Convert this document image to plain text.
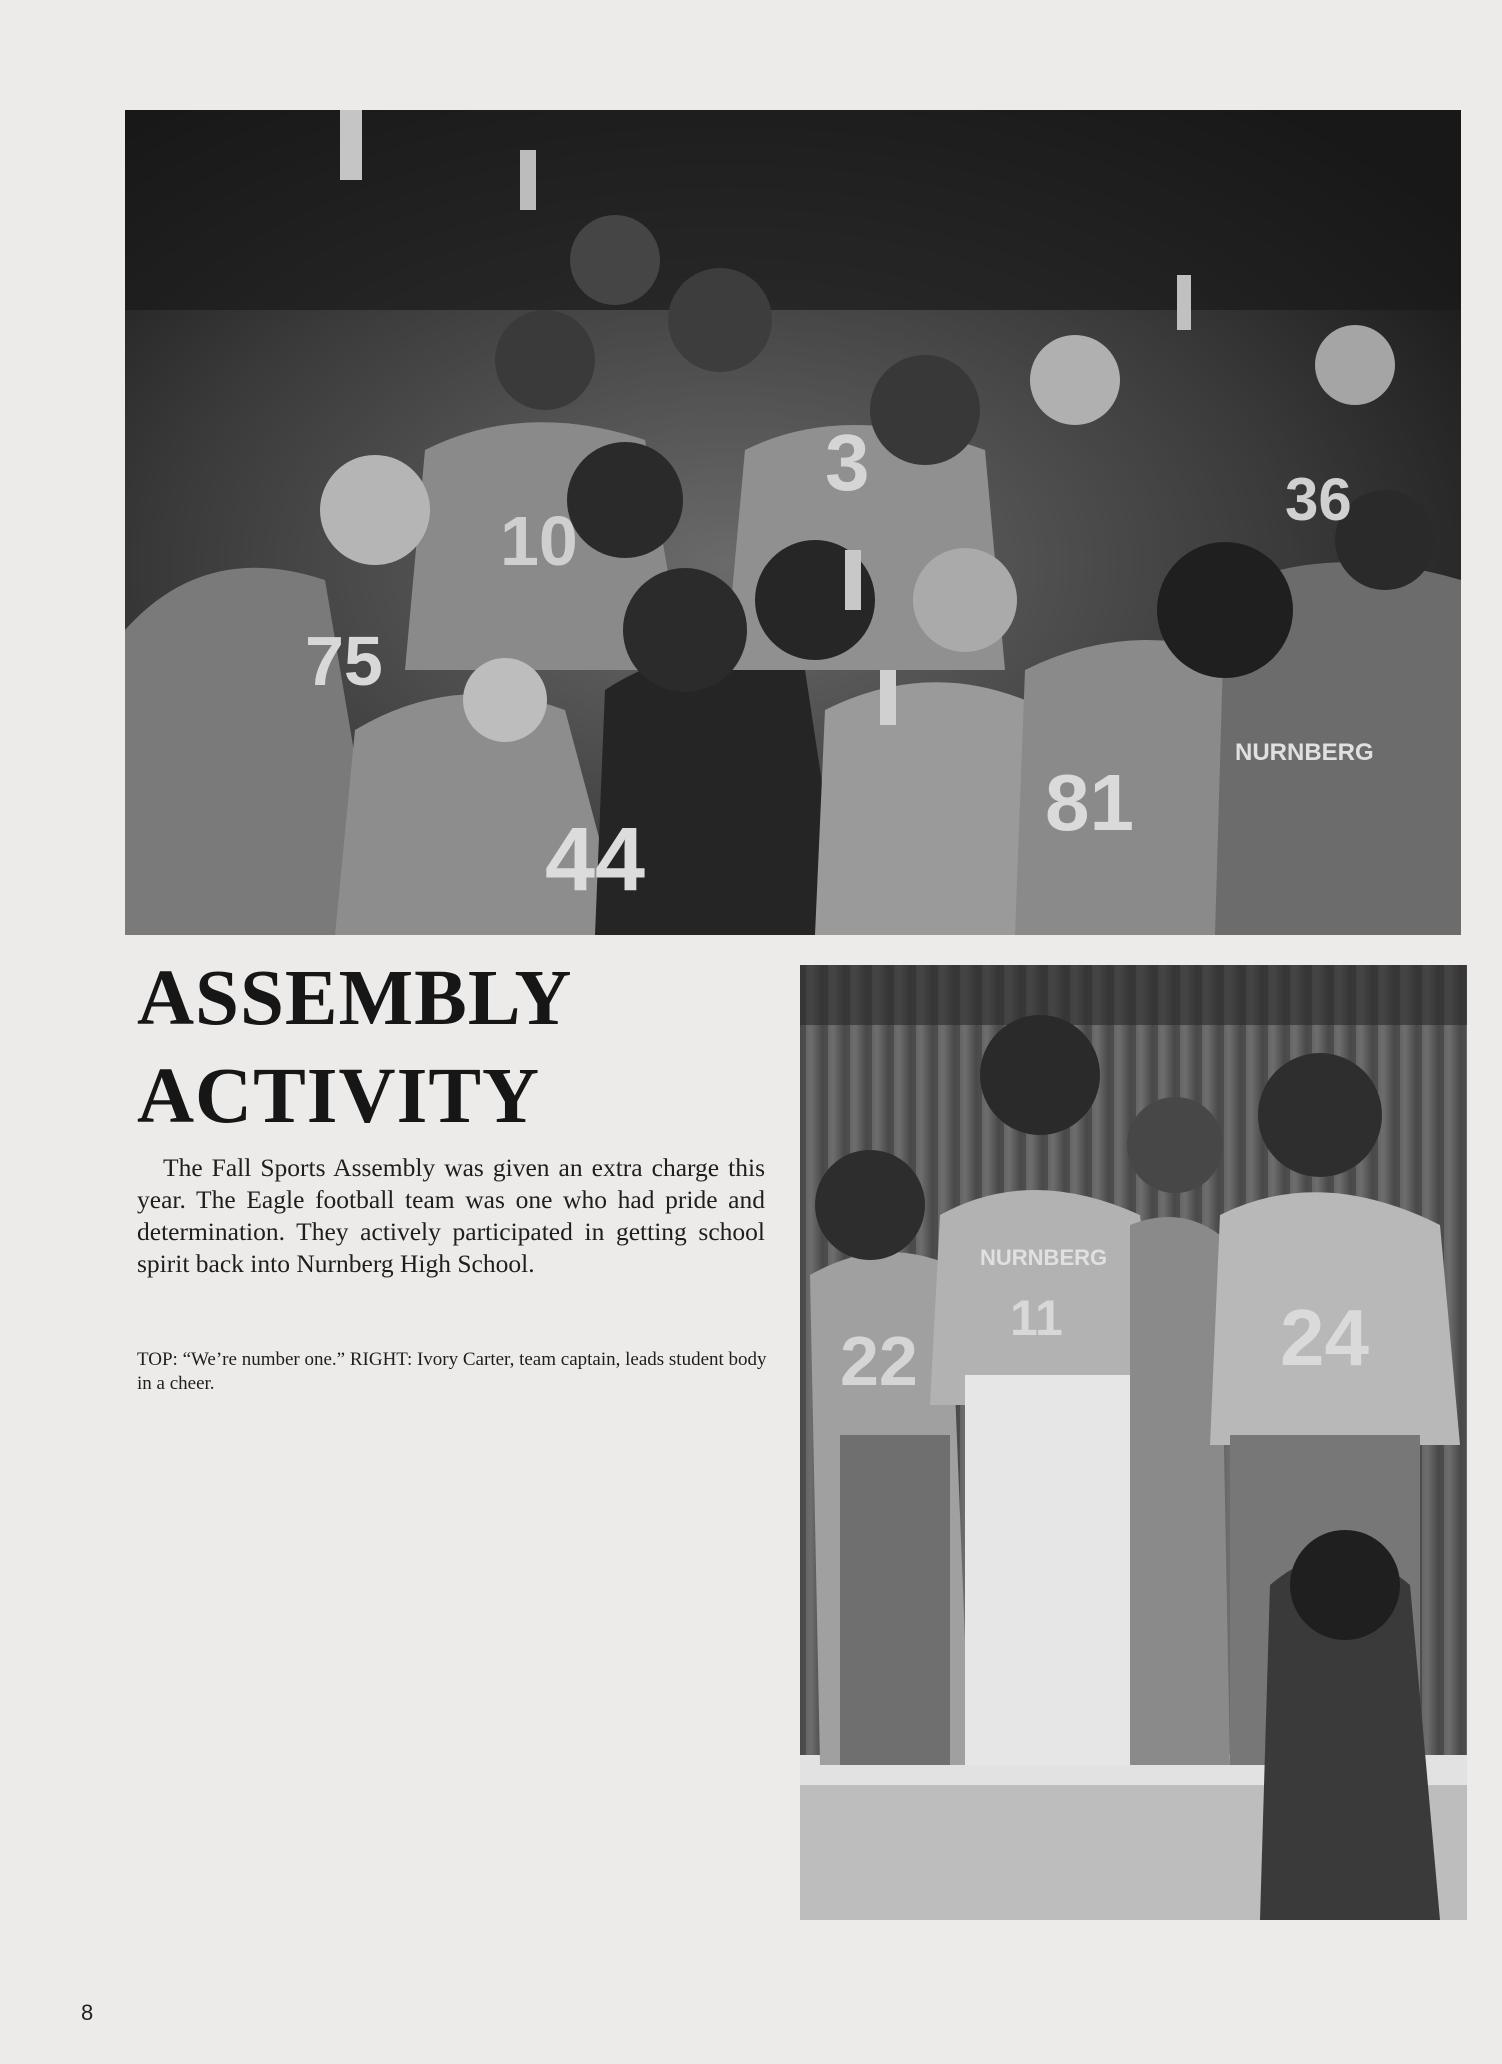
75
10
3
44
81
36
NURNBERG
ASSEMBLY
ACTIVITY

The Fall Sports Assembly was given an extra charge this year. The Eagle football team was one who had pride and determination. They actively participated in getting school spirit back into Nurnberg High School.

TOP: “We’re number one.” RIGHT: Ivory Carter, team captain, leads student body in a cheer.	22
11	24
NURNBERG
8
